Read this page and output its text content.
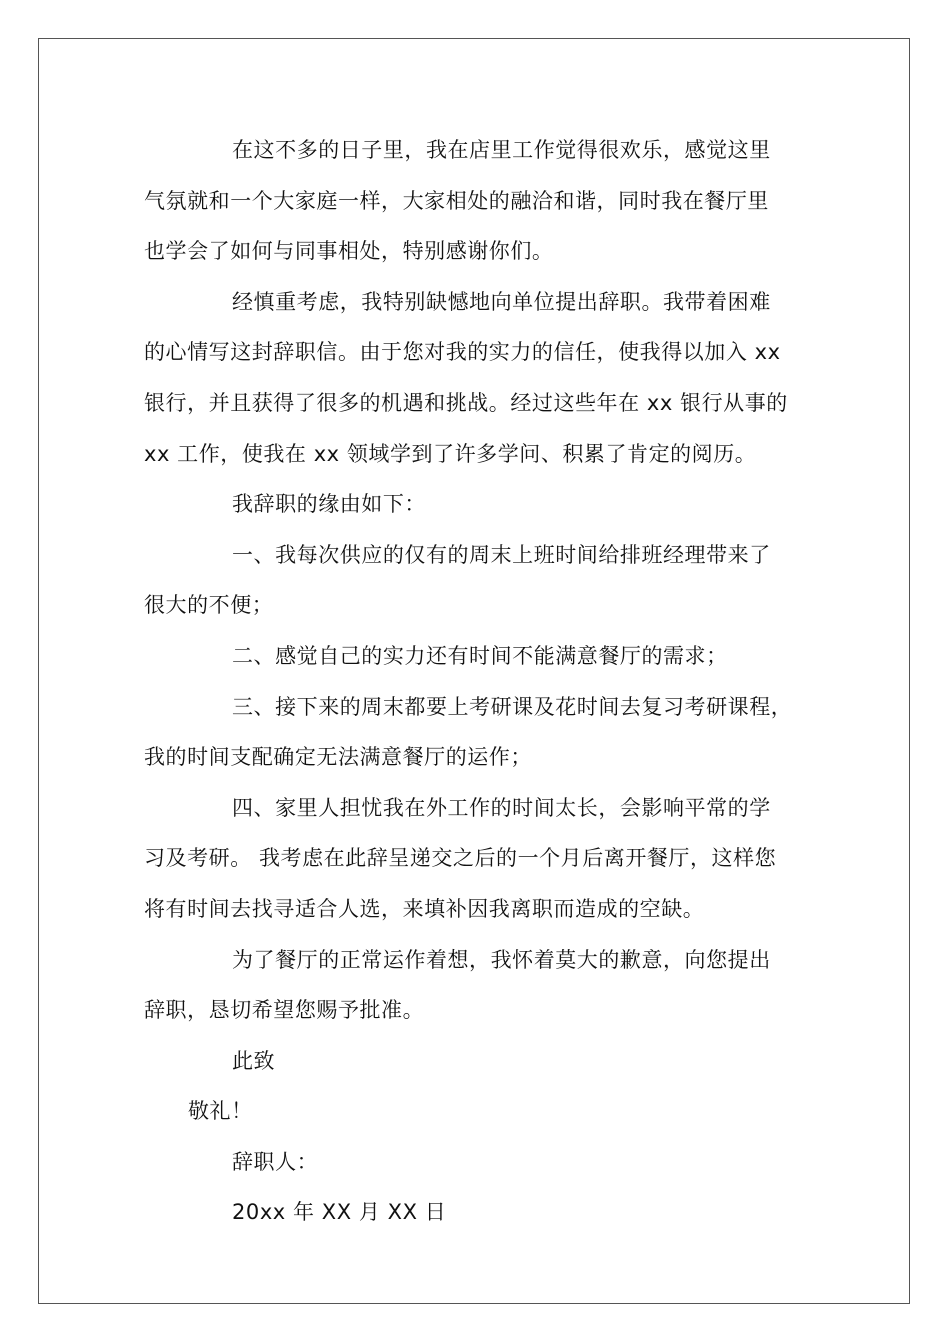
在这不多的日子里，我在店里工作觉得很欢乐，感觉这里
气氛就和一个大家庭一样，大家相处的融洽和谐，同时我在餐厅里
也学会了如何与同事相处，特别感谢你们。
经慎重考虑，我特别缺憾地向单位提出辞职。我带着困难
的心情写这封辞职信。由于您对我的实力的信任，使我得以加入 xx
银行，并且获得了很多的机遇和挑战。经过这些年在 xx 银行从事的
xx 工作，使我在 xx 领域学到了许多学问、积累了肯定的阅历。
我辞职的缘由如下：
一、我每次供应的仅有的周末上班时间给排班经理带来了
很大的不便；
二、感觉自己的实力还有时间不能满意餐厅的需求；
三、接下来的周末都要上考研课及花时间去复习考研课程，
我的时间支配确定无法满意餐厅的运作；
四、家里人担忧我在外工作的时间太长，会影响平常的学
习及考研。 我考虑在此辞呈递交之后的一个月后离开餐厅，这样您
将有时间去找寻适合人选，来填补因我离职而造成的空缺。
为了餐厅的正常运作着想，我怀着莫大的歉意，向您提出
辞职，恳切希望您赐予批准。
此致
敬礼！
辞职人：
20xx 年 XX 月 XX 日
